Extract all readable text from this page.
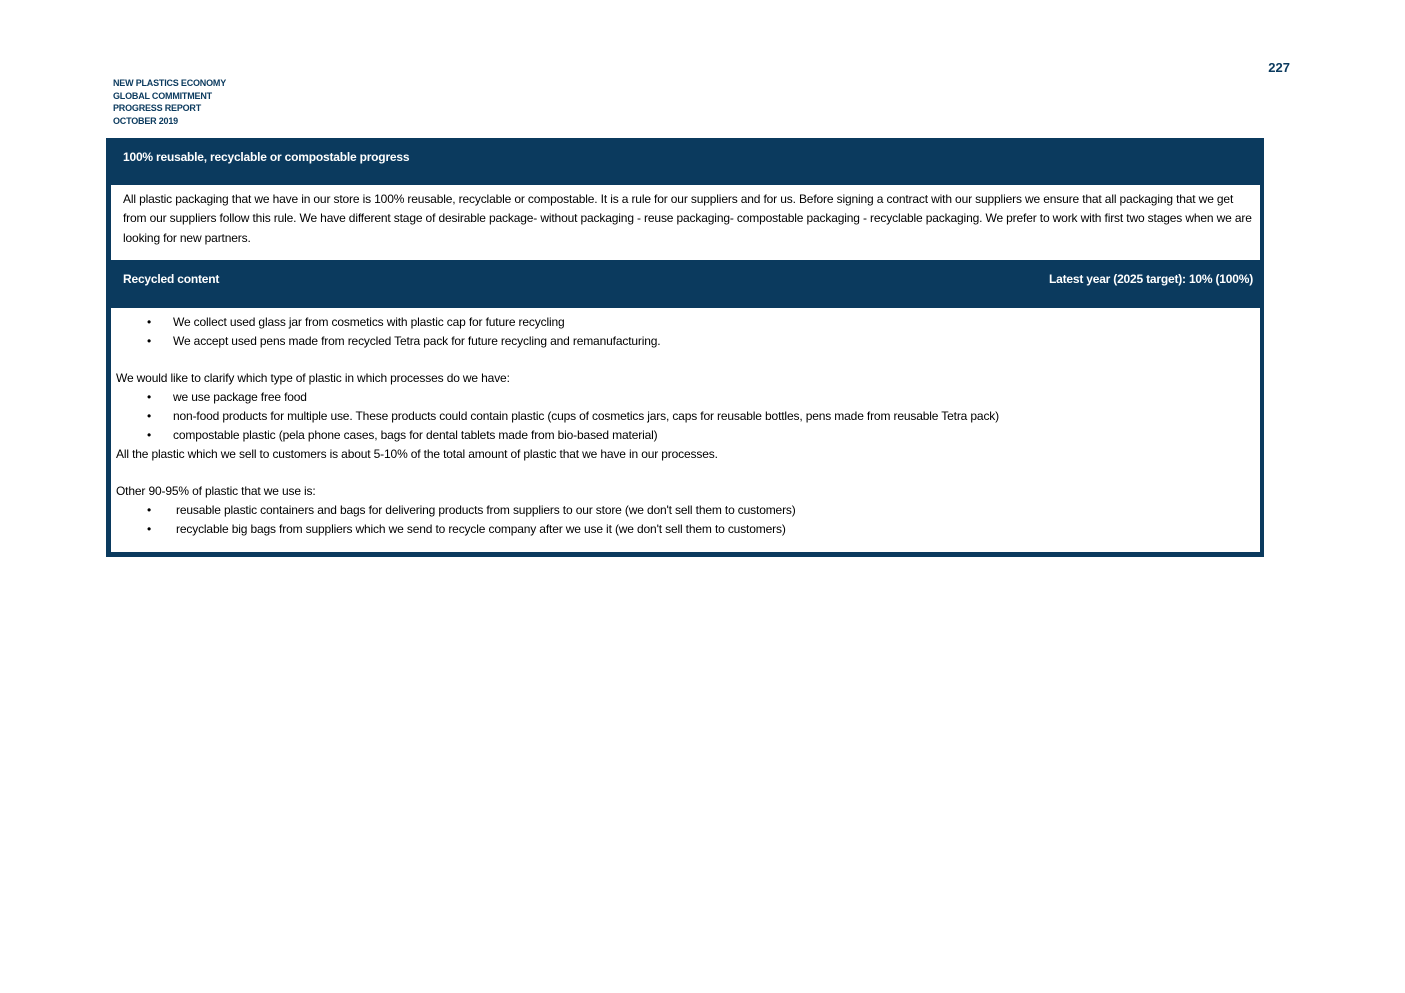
227
NEW PLASTICS ECONOMY
GLOBAL COMMITMENT
PROGRESS REPORT
OCTOBER 2019
100% reusable, recyclable or compostable progress
All plastic packaging that we have in our store is 100% reusable, recyclable or compostable. It is a rule for our suppliers and for us. Before signing a contract with our suppliers we ensure that all packaging that we get from our suppliers follow this rule. We have different stage of desirable package- without packaging - reuse packaging- compostable packaging - recyclable packaging. We prefer to work with first two stages when we are looking for new partners.
Recycled content	Latest year (2025 target): 10% (100%)
• We collect used glass jar from cosmetics with plastic cap for future recycling
• We accept used pens made from recycled Tetra pack for future recycling and remanufacturing.

We would like to clarify which type of plastic in which processes do we have:

• we use package free food
• non-food products for multiple use. These products could contain plastic (cups of cosmetics jars, caps for reusable bottles, pens made from reusable Tetra pack)
• compostable plastic (pela phone cases, bags for dental tablets made from bio-based material)

All the plastic which we sell to customers is about 5-10% of the total amount of plastic that we have in our processes.

Other 90-95% of plastic that we use is:

• reusable plastic containers and bags for delivering products from suppliers to our store (we don't sell them to customers)
• recyclable big bags from suppliers which we send to recycle company after we use it (we don't sell them to customers)
